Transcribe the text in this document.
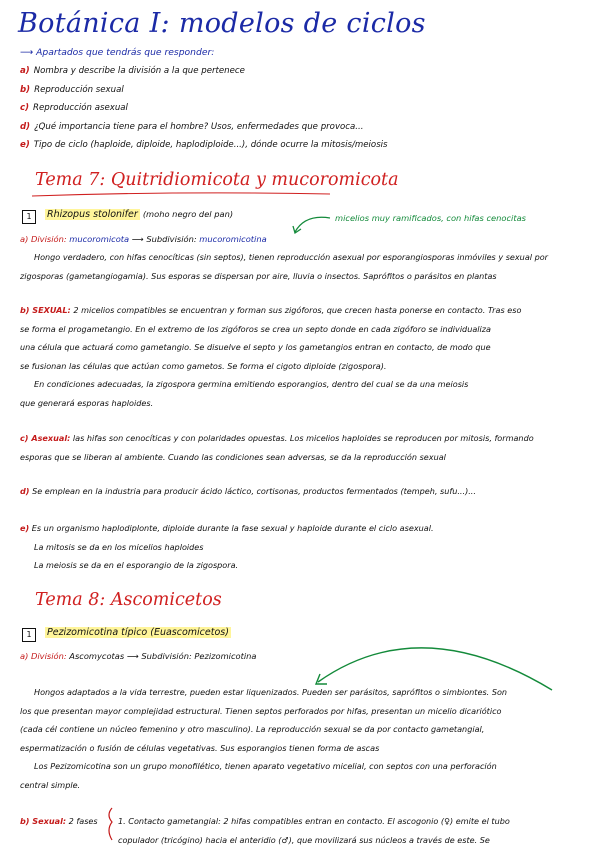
Botánica I: modelos de ciclos
⟶ Apartados que tendrás que responder:
a) Nombra y describe la división a la que pertenece
b) Reproducción sexual
c) Reproducción asexual
d) ¿Qué importancia tiene para el hombre? Usos, enfermedades que provoca...
e) Tipo de ciclo (haploide, diploide, haplodiploide...), dónde ocurre la mitosis/meiosis
Tema 7: Quitridiomicota y mucoromicota
1	Rhizopus stolonifer (moho negro del pan)	micelios muy ramificados, con hifas cenocitas
a) División: mucoromicota ⟶ Subdivisión: mucoromicotina
Hongo verdadero, con hifas cenocíticas (sin septos), tienen reproducción asexual por esporangiosporas inmóviles y sexual por
zigosporas (gametangiogamia). Sus esporas se dispersan por aire, lluvia o insectos. Saprófitos o parásitos en plantas
b) SEXUAL: 2 micelios compatibles se encuentran y forman sus zigóforos, que crecen hasta ponerse en contacto. Tras eso
se forma el progametangio. En el extremo de los zigóforos se crea un septo donde en cada zigóforo se individualiza
una célula que actuará como gametangio. Se disuelve el septo y los gametangios entran en contacto, de modo que
se fusionan las células que actúan como gametos. Se forma el cigoto diploide (zigospora).
En condiciones adecuadas, la zigospora germina emitiendo esporangios, dentro del cual se da una meiosis
que generará esporas haploides.
c) Asexual: las hifas son cenocíticas y con polaridades opuestas. Los micelios haploides se reproducen por mitosis, formando
esporas que se liberan al ambiente. Cuando las condiciones sean adversas, se da la reproducción sexual
d) Se emplean en la industria para producir ácido láctico, cortisonas, productos fermentados (tempeh, sufu...)...
e) Es un organismo haplodiplonte, diploide durante la fase sexual y haploide durante el ciclo asexual.
La mitosis se da en los micelios haploides
La meiosis se da en el esporangio de la zigospora.
Tema 8: Ascomicetos
1	Pezizomicotina típico (Euascomicetos)
a) División: Ascomycotas ⟶ Subdivisión: Pezizomicotina
Hongos adaptados a la vida terrestre, pueden estar liquenizados. Pueden ser parásitos, saprófitos o simbiontes. Son
los que presentan mayor complejidad estructural. Tienen septos perforados por hifas, presentan un micelio dicariótico
(cada cél contiene un núcleo femenino y otro masculino). La reproducción sexual se da por contacto gametangial,
espermatización o fusión de células vegetativas. Sus esporangios tienen forma de ascas
Los Pezizomicotina son un grupo monofilético, tienen aparato vegetativo micelial, con septos con una perforación
central simple.
b) Sexual: 2 fases	1. Contacto gametangial: 2 hifas compatibles entran en contacto. El ascogonio (♀) emite el tubo
copulador (tricógino) hacia el anteridio (♂), que movilizará sus núcleos a través de este. Se
